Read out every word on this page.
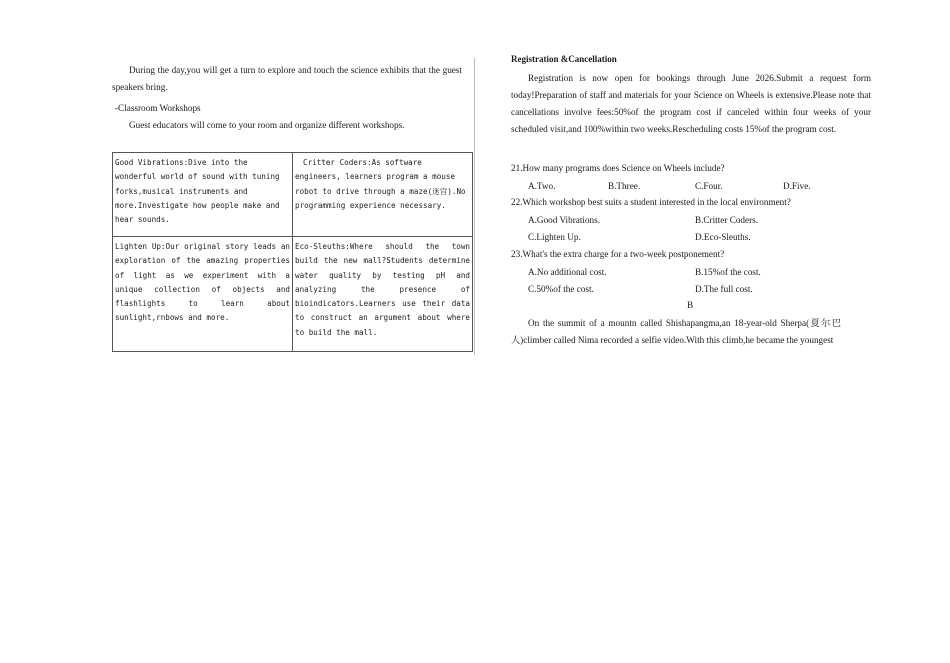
During the day,you will get a turn to explore and touch the science exhibits that the guest speakers bring.
-Classroom Workshops
Guest educators will come to your room and organize different workshops.
Good Vibrations:Dive into the wonderful world of sound with tuning forks,musical instruments and more.Investigate how people make and hear sounds.	Critter Coders:As software engineers, learners program a mouse robot to drive through a maze(迷宫).No programming experience necessary.

Lighten Up:Our original story leads an exploration of the amazing properties of light as we experiment with a unique collection of objects and flashlights to learn about sunlight,rnbows and more.	Eco-Sleuths:Where should the town build the new mall?Students determine water quality by testing pH and analyzing the presence of bioindicators.Learners use their data to construct an argument about where to build the mall.
Registration &Cancellation
Registration is now open for bookings through June 2026.Submit a request form today!Preparation of staff and materials for your Science on Wheels is extensive.Please note that cancellations involve fees:50%of the program cost if canceled within four weeks of your scheduled visit,and 100%within two weeks.Rescheduling costs 15%of the program cost.
21.How many programs does Science on Wheels include?
A.Two.	B.Three.	C.Four.	D.Five.
22.Which workshop best suits a student interested in the local environment?
A.Good Vibrations.	B.Critter Coders.
C.Lighten Up.	D.Eco-Sleuths.
23.What's the extra charge for a two-week postponement?
A.No additional cost.	B.15%of the cost.
C.50%of the cost.	D.The full cost.
B
On the summit of a mountn called Shishapangma,an 18-year-old Sherpa(夏尔巴人)climber called Nima recorded a selfie video.With this climb,he became the youngest
